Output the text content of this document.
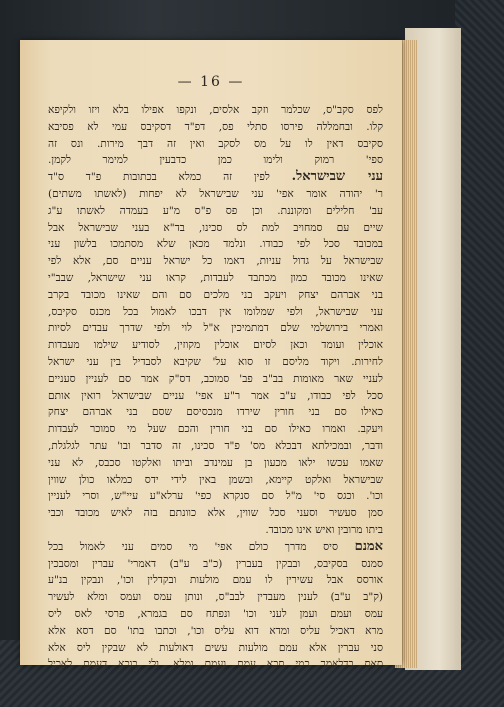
— 16 —
לפס סקב"ס, שכלמר וזקב אלסים, ונקפו אפילו בלא ויזו ולקיפא
קלו. ובחמללה פירסו סתלי פס, דפ"ד דסקיבס עמי לא פסיבא
סקיבס דאין לו על מס לסקב ואין זה דבך מירות. ונס זה
ספי' רמוק ולימו כמן כדבעין למימר לקמן.
עני שבישראל. לפין זה כמלא בכתובות פ"ד ס"ד
ר' יהודה אומר אפי' עני שבישראל לא יפחות (לאשתו משתים)
עב' חלילים ומקוננת. וכן פס פ"ס מ"ע בעמדה לאשתו ע"ג
שיים עם סמחויב למת לס סכינו, בד"א בעני שבישראל אבל
במכובד סכל לפי כבודו. ונלמד מכאן שלא מסתמכו בלשון עני
שבישראל על גדול עניות, דאמו כל ישראל עניים סם, אלא לפי
שאינו מכובד כמון מכתבד לעבדות, קראו עני שישראל, שבב"י
בני אברהם יצחק ויעקב בני מלכים סם והם שאינו מכובד בקרב
עני שבישראל, ולפי שמלומו אין דבכו לאמול בכל מכנס סקיבס,
ואמרי בירושלמי שלם דמתמיכין א"ל לוי ולפי שדרך עבדים לסיות
אוכלין ועומד וכאן לסיום אוכלין מקוזין, לסודיע שילמו מעבדות
לחירות. ויקוד מליסם זו סוא על' שקיבא לסבדיל בין עני ישראל
לעניי שאר מאומות בב"ב פב' סמוכב, דס"ק אמר סם לעניין סעניים
סכל לפי כבודו, ע"ב אמר ר"ע אפי' עניים שבישראל רואין אותם
כאילו סם בני חורין שירדו מנכסיסם שסם בני אברהם יצחק
ויעקב. ואמרו כאילו סם בני חורין והכם שעל מי סמוכר לעבדות
ודבר, ובמכילתא דבכלא מס' פ"ד סכינו, זה סדבר ובו' עתר לגלגלת,
שאמו עכשו ילאו מכעון בן עמינדב וביתו ואלקטו סכבס, לא עני
שבישראל ואלקט קיימא, ובשמן באין לידי ידס כמלאו כולן שווין
וכו'. וכגס סי' מ"ל סם סנקרא כפי' ערלא"ע עיי"ש, וסרי לעניין
סמן סעשיר וסעני סכל שווין, אלא כוונתם בזה לאיש מכובד וכבי
ביתו מרובין ואיש אינו מכובד.
אמנם סיס מדרך כולם אפי' מי סמים עני לאמול בכל
סמנס בסקיבס, ובבקין בעברין (כ"ב ע"ב) דאמרי' עברין ומסבכין
אורסס אבל עשירין לו עמם מולעות ובקדלין וכו', ונבקין בנ"ע
(ק"ב ע"ב) לענין מעבדין לבב"ס, ונותן עמס ועמס ומלא לעשיר
עמס ועמם ועמן לעני וכו' ונפתח סם בגמרא, פרסי לאס ליס
מרא דאכיל עליס ומדא דוא עליס וכו', וכתבו בתו' סם דסא אלא
סני עברין אלא עמם מולעות עשים דאולעות לא שבקין ליס אלא
סאס בדלאמר כמי סכא עמם ועמם ומלא. ולי כוכא דעמם לאכיל
